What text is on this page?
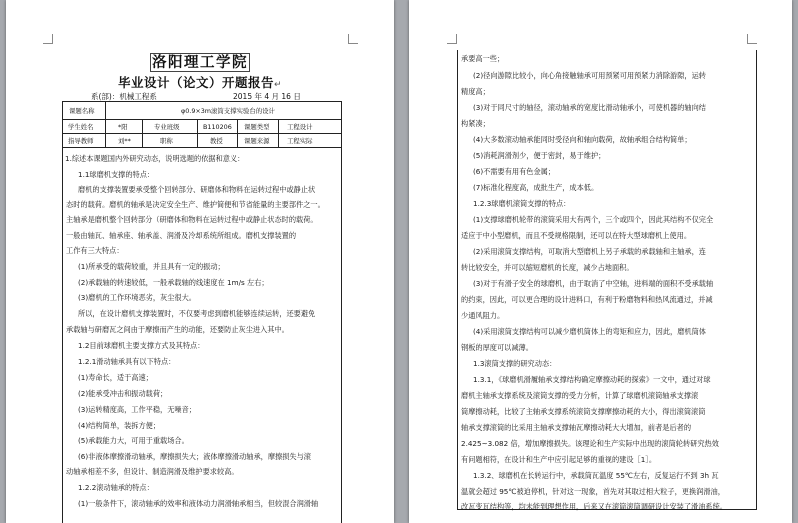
洛阳理工学院
毕业设计（论文）开题报告↵
系(部)：机械工程系	2015 年 4 月 16 日
课题名称	φ0.9×3m滚筒支撑实验台的设计
学生姓名	*阳	专业班级	B110206 课题类型	工程设计
指导教师	刘**	职称	教授	课题来源	工程实际
1.综述本课题国内外研究动态，说明选题的依据和意义：
1.1球磨机支撑的特点：
磨机的支撑装置要承受整个回转部分、研磨体和物料在运转过程中或静止状
态时的载荷。磨机的轴承是决定安全生产、维护简便和节省能量的主要部件之一。
主轴承是磨机整个回转部分（研磨体和物料在运转过程中或静止状态时的载荷。
一般由轴瓦、轴承座、轴承盖、润滑及冷却系统所组成。磨机支撑装置的
工作有三大特点：
(1)所承受的载荷较重，并且具有一定的振动；
(2)承载轴的转速较低，一般承载轴的线速度在 1m/s 左右；
(3)磨机的工作环境恶劣，灰尘很大。
所以，在设计磨机支撑装置时，不仅要考虑到磨机能够连续运转，还要避免
承载轴与研磨瓦之间由于摩擦而产生的动能，还要防止灰尘进入其中。
1.2目前球磨机主要支撑方式及其特点：
1.2.1滑动轴承具有以下特点：
(1)寿命长，适于高速；
(2)能承受冲击和振动载荷；
(3)运转精度高，工作平稳，无噪音；
(4)结构简单，装拆方便；
(5)承载能力大，可用于重载场合。
(6)非液体摩擦滑动轴承，摩擦损失大；液体摩擦滑动轴承，摩擦损失与滚
动轴承相差不多，但设计、制造润滑及维护要求较高。
1.2.2滚动轴承的特点：
(1)一般条件下，滚动轴承的效率和液体动力润滑轴承相当，但较混合润滑轴
承要高一些；
(2)径向游隙比较小，向心角接触轴承可用预紧可用预紧力消除游隙，运转
精度高；
(3)对于同尺寸的轴径，滚动轴承的宽度比滑动轴承小，可使机器的轴向结
构紧凑；
(4)大多数滚动轴承能同时受径向和轴向载荷，故轴承组合结构简单；
(5)消耗润滑剂少，便于密封，易于维护；
(6)不需要有用有色金属；
(7)标准化程度高，成批生产，成本低。
1.2.3球磨机滚筒支撑的特点：
(1)支撑球磨机轮带的滚筒采用大有两个，三个或四个，因此其结构不仅完全
适应于中小型磨机，而且不受规格限制，还可以在特大型球磨机上使用。
(2)采用滚筒支撑结构，可取消大型磨机上另子承载的承载轴和主轴承，连
转比较安全，并可以缩短磨机的长度，减少占地面积。
(3)对于有滑子安全的球磨机，由于取消了中空轴，进料端的面积不受承载轴
的约束，因此，可以更合理的设计进料口，有利于粉磨物料和热风流通过，并减
少通风阻力。
(4)采用滚筒支撑结构可以减少磨机筒体上的弯矩和应力，因此，磨机筒体
钢板的厚度可以减薄。
1.3滚筒支撑的研究动态：
1.3.1，《球磨机滑履轴承支撑结构确定摩擦动耗的探索》一文中，通过对球
磨机主轴承支撑系统及滚筒支撑的受力分析，计算了球磨机滚筒轴承支撑滚
筒摩擦动耗，比较了主轴承支撑系统滚筒支撑摩擦动耗的大小，得出滚筒滚筒
轴承支撑滚筒的比采用主轴承支撑轴瓦摩擦动耗大大增加，前者是后者的
2.425~3.082 倍，增加摩擦损失。该理论和生产实际中出现的滚筒轮转研究热效
有问题相符，在设计和生产中应引起足够的重视的建设［1］。
1.3.2、球磨机在长转运行中，承载筒瓦温度 55℃左右，反复运行不到 3h 瓦
温就会超过 95℃被迫停机，针对这一现象，首先对其取过相大粒子，更换润滑油，
改瓦变瓦结构等，均未能到理想作用，后来又在滚筒滚筒调研设计安装了滑油系统。
